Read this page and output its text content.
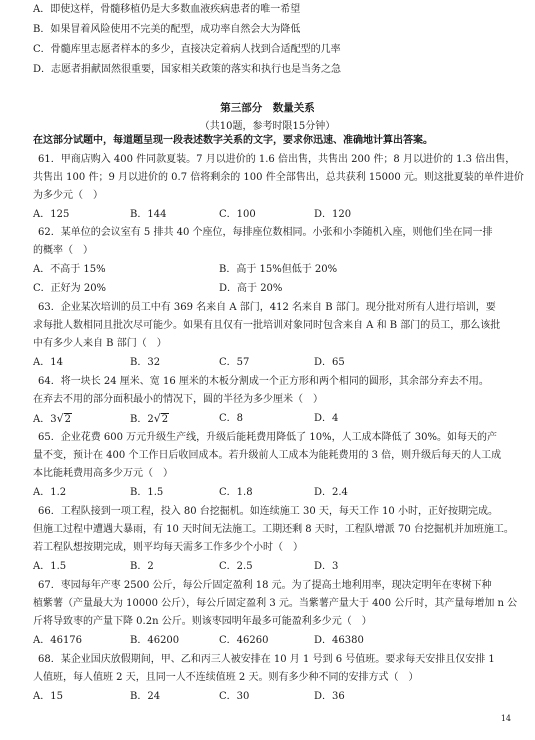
A．即使这样，骨髓移植仍是大多数血液疾病患者的唯一希望
B．如果冒着风险使用不完美的配型，成功率自然会大为降低
C．骨髓库里志愿者样本的多少，直接决定着病人找到合适配型的几率
D．志愿者捐献固然很重要，国家相关政策的落实和执行也是当务之急
第三部分　数量关系
（共10题，参考时限15分钟）
在这部分试题中，每道题呈现一段表述数字关系的文字，要求你迅速、准确地计算出答案。
61．甲商店购入 400 件同款夏装。7 月以进价的 1.6 倍出售，共售出 200 件；8 月以进价的 1.3 倍出售，
共售出 100 件；9 月以进价的 0.7 倍将剩余的 100 件全部售出，总共获利 15000 元。则这批夏装的单件进价
为多少元（　）
A．125	B．144	C．100	D．120
62．某单位的会议室有 5 排共 40 个座位，每排座位数相同。小张和小李随机入座，则他们坐在同一排
的概率（　）
A．不高于 15%	B．高于 15%但低于 20%
C．正好为 20%	D．高于 20%
63．企业某次培训的员工中有 369 名来自 A 部门，412 名来自 B 部门。现分批对所有人进行培训，要
求每批人数相同且批次尽可能少。如果有且仅有一批培训对象同时包含来自 A 和 B 部门的员工，那么该批
中有多少人来自 B 部门（　）
A．14	B．32	C．57	D．65
64．将一块长 24 厘米、宽 16 厘米的木板分割成一个正方形和两个相同的圆形，其余部分弃去不用。
在弃去不用的部分面积最小的情况下，圆的半径为多少厘米（　）
A．3√2	B．2√2	C．8	D．4
65．企业花费 600 万元升级生产线，升级后能耗费用降低了 10%，人工成本降低了 30%。如每天的产
量不变，预计在 400 个工作日后收回成本。若升级前人工成本为能耗费用的 3 倍，则升级后每天的人工成
本比能耗费用高多少万元（　）
A．1.2	B．1.5	C．1.8	D．2.4
66．工程队接到一项工程，投入 80 台挖掘机。如连续施工 30 天，每天工作 10 小时，正好按期完成。
但施工过程中遭遇大暴雨，有 10 天时间无法施工。工期还剩 8 天时，工程队增派 70 台挖掘机并加班施工。
若工程队想按期完成，则平均每天需多工作多少个小时（　）
A．1.5	B．2	C．2.5	D．3
67．枣园每年产枣 2500 公斤，每公斤固定盈利 18 元。为了提高土地利用率，现决定明年在枣树下种
植紫薯（产量最大为 10000 公斤），每公斤固定盈利 3 元。当紫薯产量大于 400 公斤时，其产量每增加 n 公
斤将导致枣的产量下降 0.2n 公斤。则该枣园明年最多可能盈利多少元（　）
A．46176	B．46200	C．46260	D．46380
68．某企业国庆放假期间，甲、乙和丙三人被安排在 10 月 1 号到 6 号值班。要求每天安排且仅安排 1
人值班，每人值班 2 天，且同一人不连续值班 2 天。则有多少种不同的安排方式（　）
A．15	B．24	C．30	D．36
14
